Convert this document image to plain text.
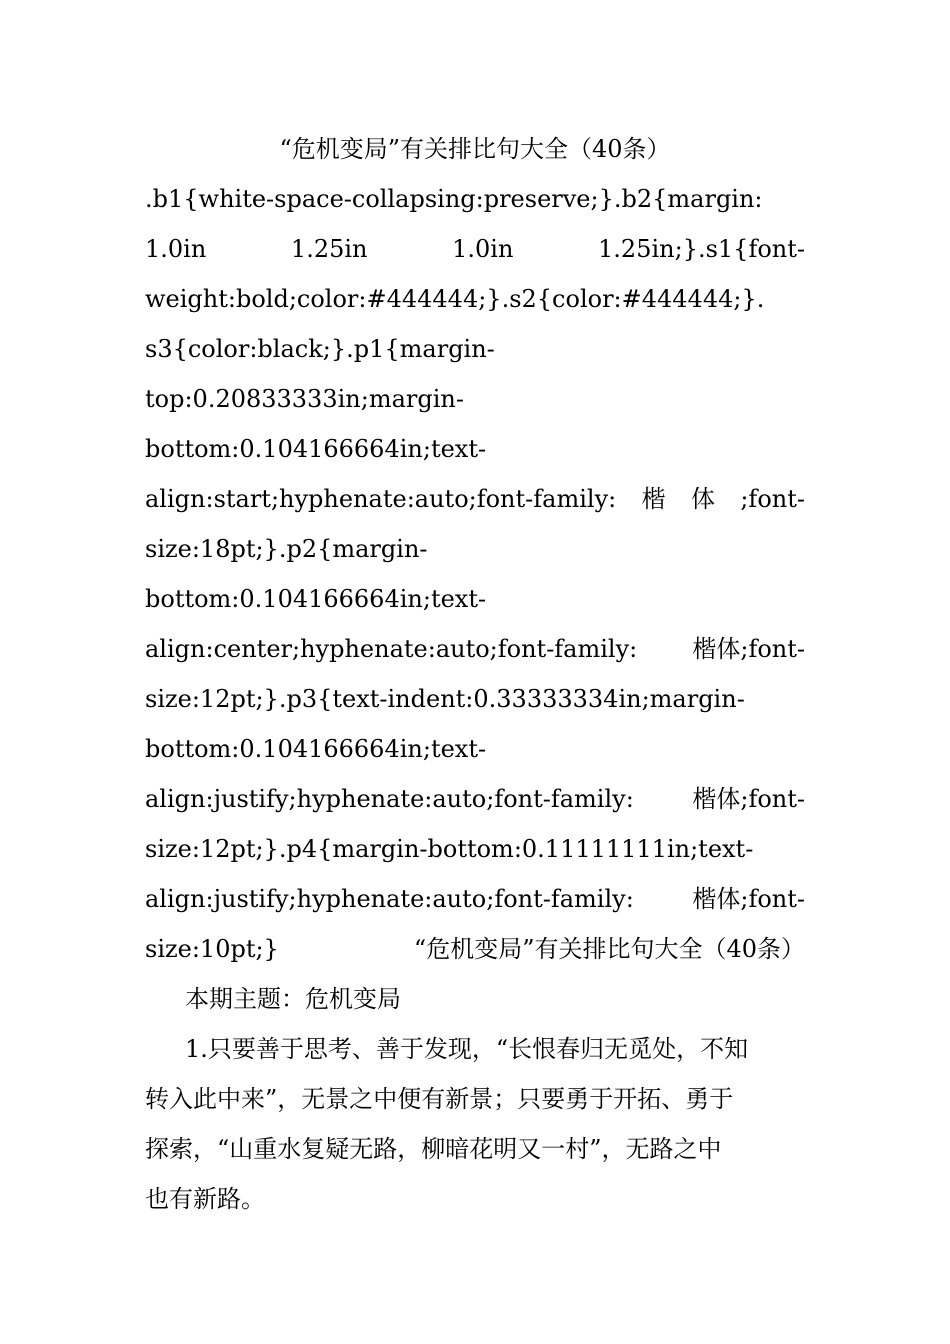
“危机变局”有关排比句大全（40条）
.b1{white-space-collapsing:preserve;}.b2{margin:
1.0in	1.25in	1.0in	1.25in;}.s1{font-
weight:bold;color:#444444;}.s2{color:#444444;}.
s3{color:black;}.p1{margin-
top:0.20833333in;margin-
bottom:0.104166664in;text-
align:start;hyphenate:auto;font-family: 楷 体 ;font-
size:18pt;}.p2{margin-
bottom:0.104166664in;text-
align:center;hyphenate:auto;font-family: 楷体;font-
size:12pt;}.p3{text-indent:0.33333334in;margin-
bottom:0.104166664in;text-
align:justify;hyphenate:auto;font-family: 楷体;font-
size:12pt;}.p4{margin-bottom:0.11111111in;text-
align:justify;hyphenate:auto;font-family: 楷体;font-
size:10pt;}	“危机变局”有关排比句大全（40条）
本期主题：危机变局
1.只要善于思考、善于发现，“长恨春归无觅处，不知
转入此中来”，无景之中便有新景；只要勇于开拓、勇于
探索，“山重水复疑无路，柳暗花明又一村”，无路之中
也有新路。
